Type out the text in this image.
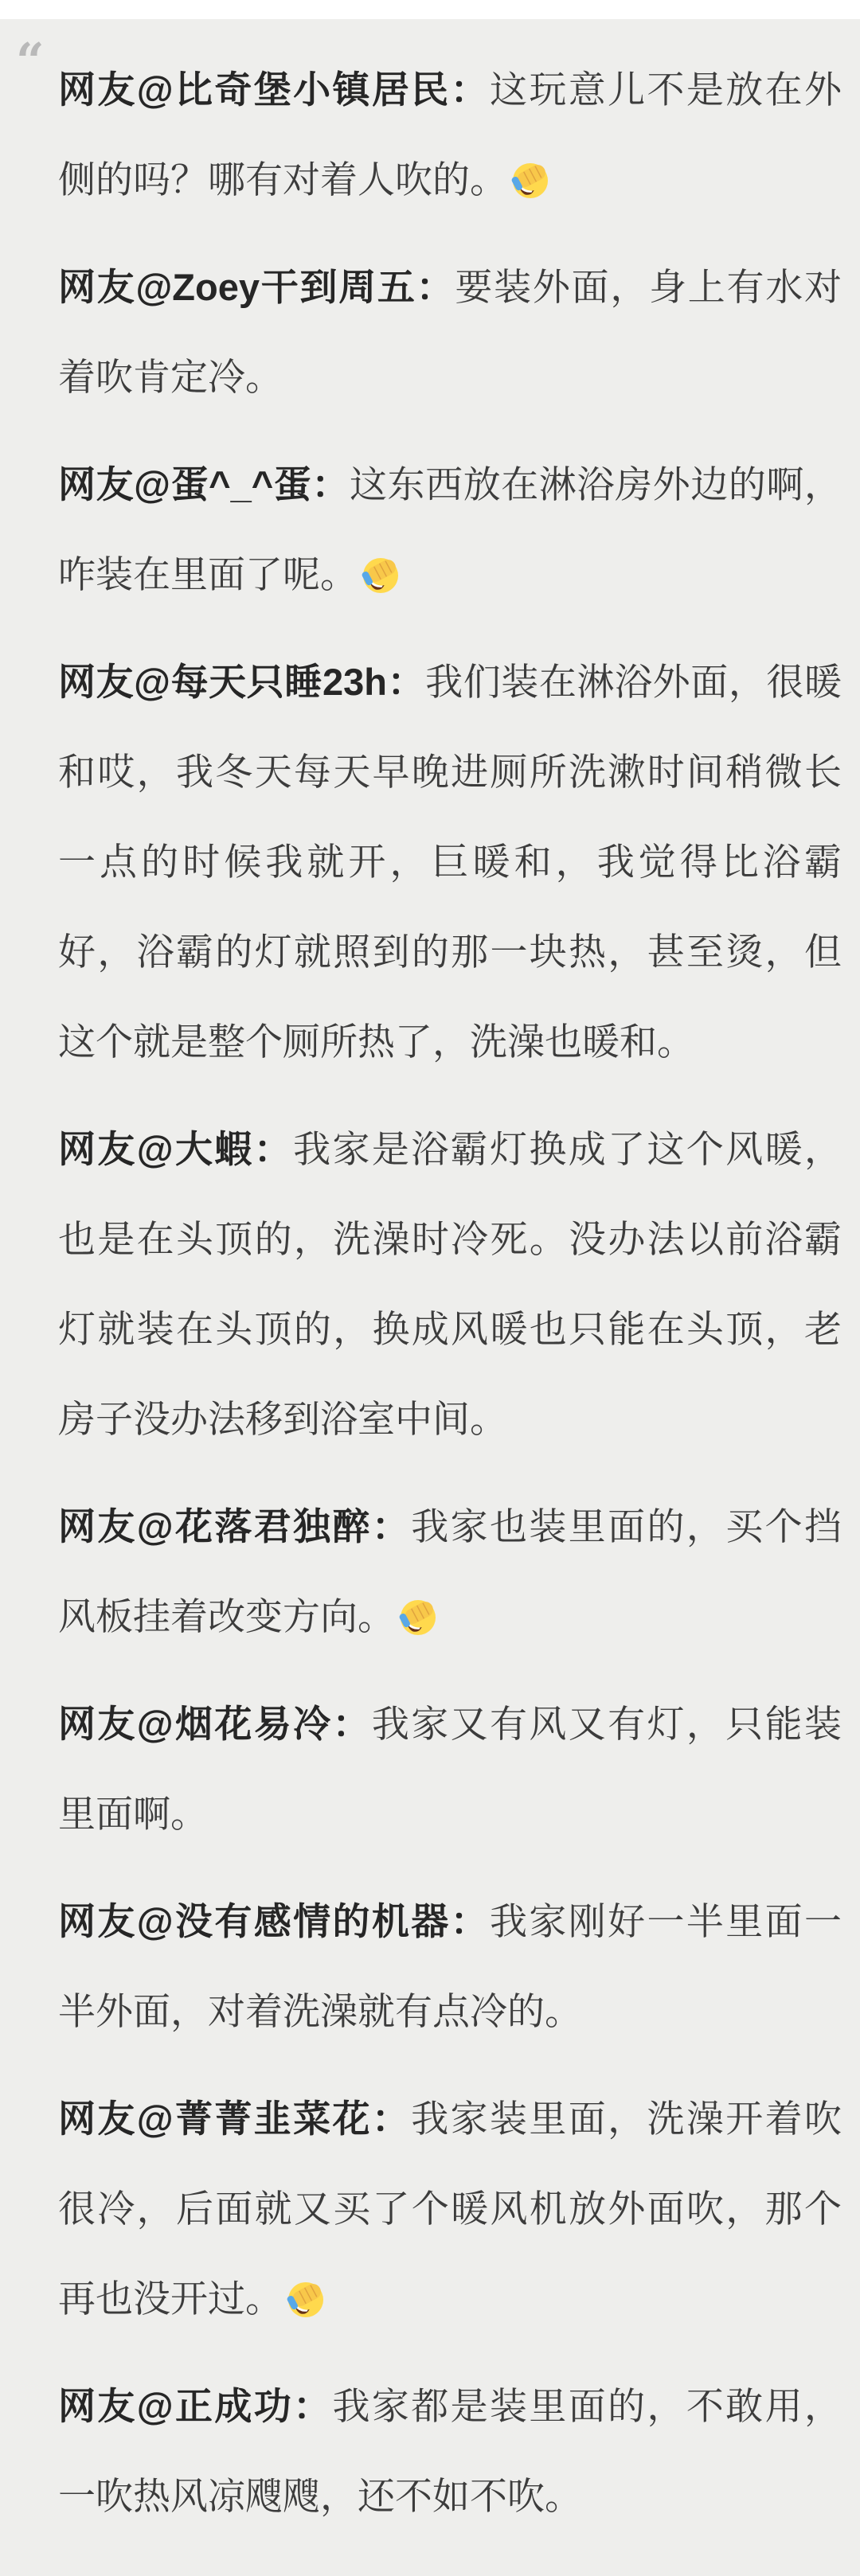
“ 网友@比奇堡小镇居民：这玩意儿不是放在外侧的吗？哪有对着人吹的。

网友@Zoey干到周五：要装外面，身上有水对着吹肯定冷。

网友@蛋^_^蛋：这东西放在淋浴房外边的啊，咋装在里面了呢。

网友@每天只睡23h：我们装在淋浴外面，很暖和哎，我冬天每天早晚进厕所洗漱时间稍微长一点的时候我就开，巨暖和，我觉得比浴霸好，浴霸的灯就照到的那一块热，甚至烫，但这个就是整个厕所热了，洗澡也暖和。

网友@大蝦：我家是浴霸灯换成了这个风暖，也是在头顶的，洗澡时冷死。没办法以前浴霸灯就装在头顶的，换成风暖也只能在头顶，老房子没办法移到浴室中间。

网友@花落君独醉：我家也装里面的，买个挡风板挂着改变方向。

网友@烟花易冷：我家又有风又有灯，只能装里面啊。

网友@没有感情的机器：我家刚好一半里面一半外面，对着洗澡就有点冷的。

网友@菁菁韭菜花：我家装里面，洗澡开着吹很冷，后面就又买了个暖风机放外面吹，那个再也没开过。

网友@正成功：我家都是装里面的，不敢用，一吹热风凉飕飕，还不如不吹。
